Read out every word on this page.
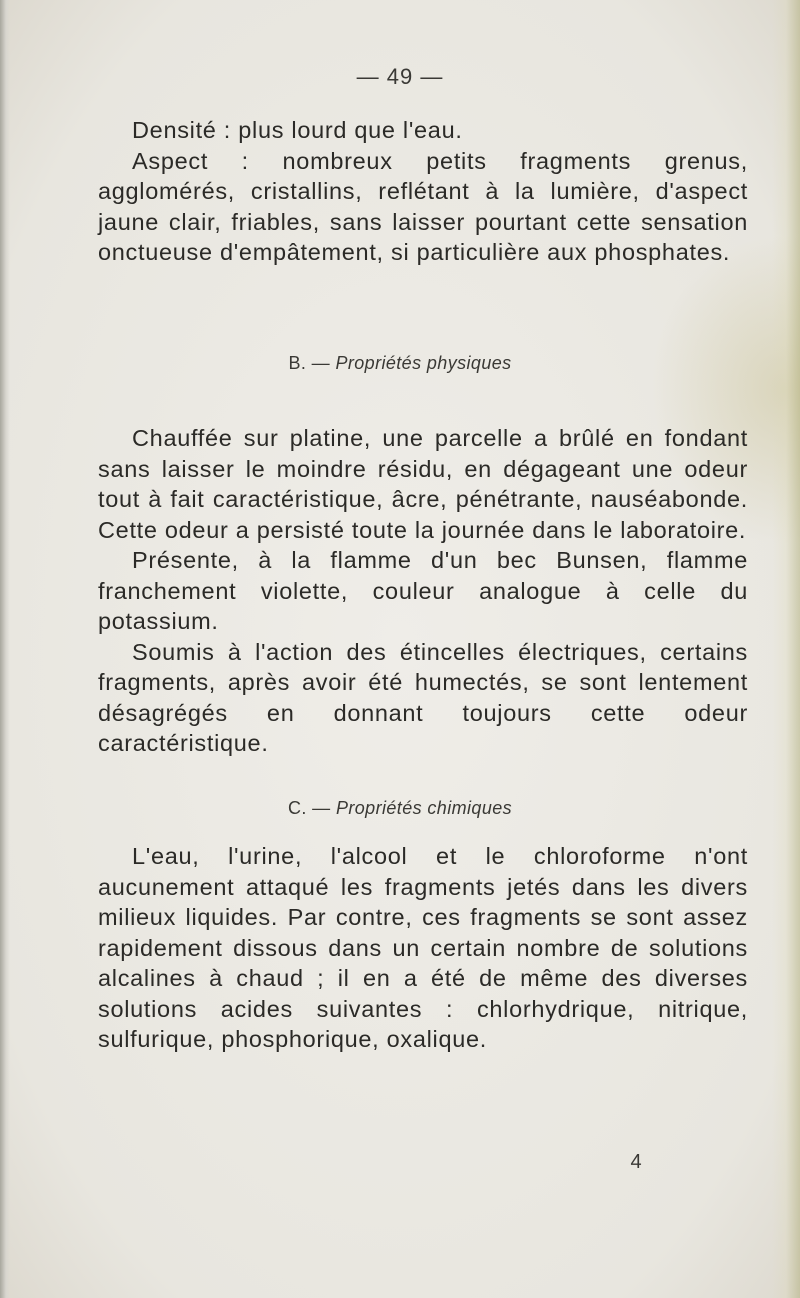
— 49 —

Densité : plus lourd que l'eau.

Aspect : nombreux petits fragments grenus, agglomérés, cristallins, reflétant à la lumière, d'aspect jaune clair, friables, sans laisser pourtant cette sensation onctueuse d'empâtement, si particulière aux phosphates.

B. — Propriétés physiques

Chauffée sur platine, une parcelle a brûlé en fondant sans laisser le moindre résidu, en dégageant une odeur tout à fait caractéristique, âcre, pénétrante, nauséabonde. Cette odeur a persisté toute la journée dans le laboratoire.

Présente, à la flamme d'un bec Bunsen, flamme franchement violette, couleur analogue à celle du potassium.

Soumis à l'action des étincelles électriques, certains fragments, après avoir été humectés, se sont lentement désagrégés en donnant toujours cette odeur caractéristique.

C. — Propriétés chimiques

L'eau, l'urine, l'alcool et le chloroforme n'ont aucunement attaqué les fragments jetés dans les divers milieux liquides. Par contre, ces fragments se sont assez rapidement dissous dans un certain nombre de solutions alcalines à chaud ; il en a été de même des diverses solutions acides suivantes : chlorhydrique, nitrique, sulfurique, phosphorique, oxalique.

4
